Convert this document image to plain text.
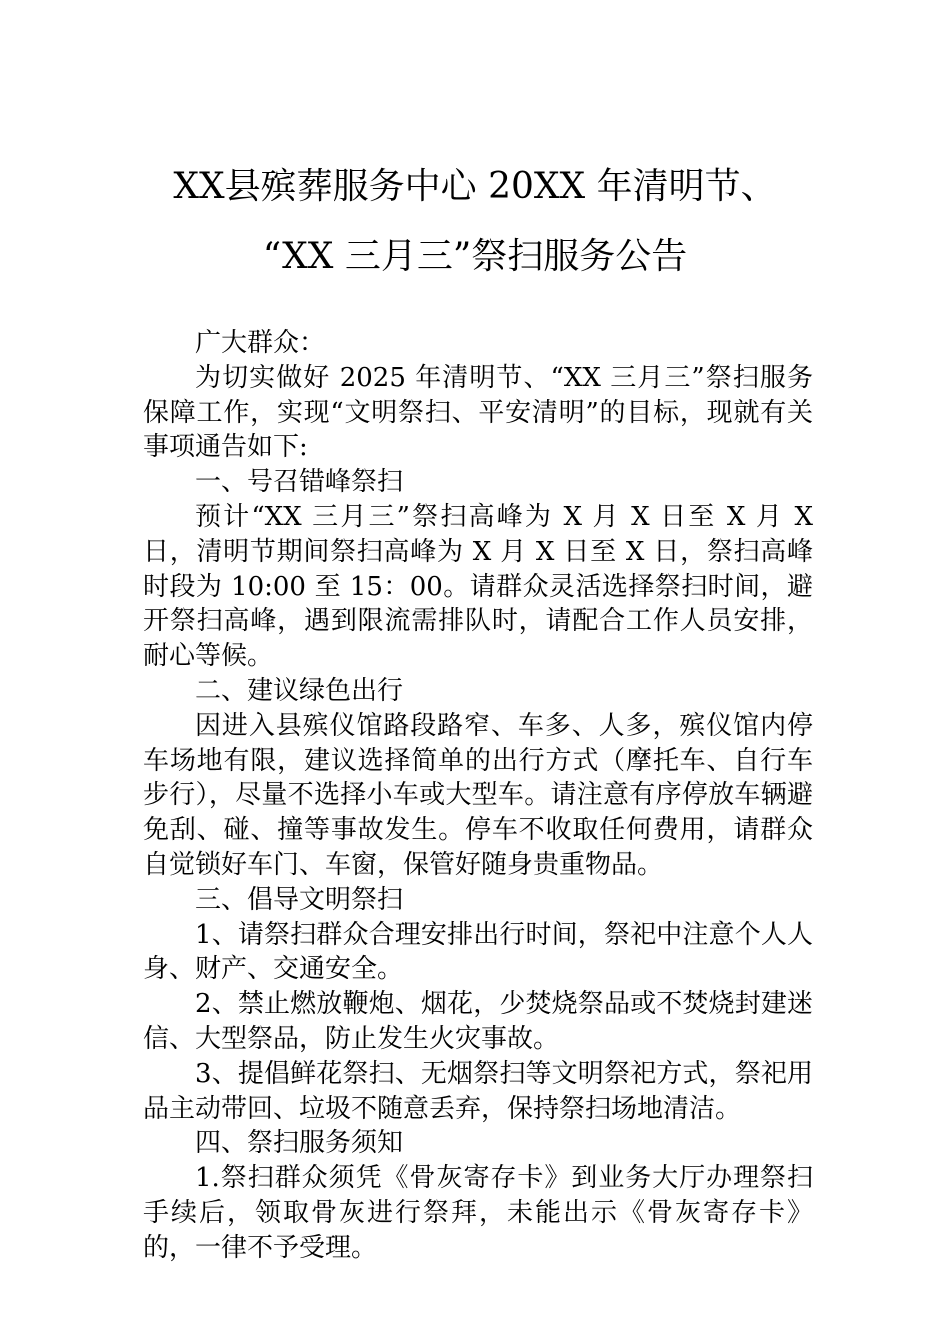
XX县殡葬服务中心 20XX 年清明节、
“XX 三月三”祭扫服务公告

广大群众：

为切实做好 2025 年清明节、“XX 三月三”祭扫服务保障工作，实现“文明祭扫、平安清明”的目标，现就有关事项通告如下:

一、号召错峰祭扫

预计“XX 三月三”祭扫高峰为 X 月 X 日至 X 月 X 日，清明节期间祭扫高峰为 X 月 X 日至 X 日，祭扫高峰时段为 10:00 至 15：00。请群众灵活选择祭扫时间，避开祭扫高峰，遇到限流需排队时，请配合工作人员安排，耐心等候。

二、建议绿色出行

因进入县殡仪馆路段路窄、车多、人多，殡仪馆内停车场地有限，建议选择简单的出行方式（摩托车、自行车步行），尽量不选择小车或大型车。请注意有序停放车辆避免刮、碰、撞等事故发生。停车不收取任何费用，请群众自觉锁好车门、车窗，保管好随身贵重物品。

三、倡导文明祭扫

1、请祭扫群众合理安排出行时间，祭祀中注意个人人身、财产、交通安全。

2、禁止燃放鞭炮、烟花，少焚烧祭品或不焚烧封建迷信、大型祭品，防止发生火灾事故。

3、提倡鲜花祭扫、无烟祭扫等文明祭祀方式，祭祀用品主动带回、垃圾不随意丢弃，保持祭扫场地清洁。

四、祭扫服务须知

1.祭扫群众须凭《骨灰寄存卡》到业务大厅办理祭扫手续后，领取骨灰进行祭拜，未能出示《骨灰寄存卡》的，一律不予受理。
